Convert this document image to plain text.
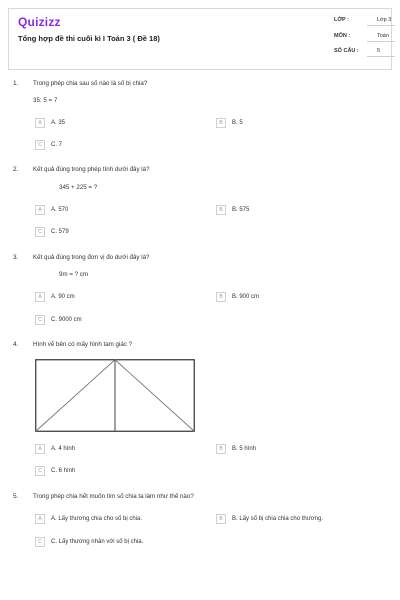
Quizizz
Tổng hợp đề thi cuối kì I Toán 3 ( Đề 18)
LỚP :	Lớp 3
MÔN :	Toán
SỐ CÂU :	5
1. Trong phép chia sau số nào là số bị chia?
35: 5 = 7
A	A. 35	B	B. 5
C	C. 7
2. Kết quả đúng trong phép tính dưới đây là?
345 + 225 = ?
A	A. 570	B	B. 575
C	C. 579
3. Kết quả đúng trong đơn vị đo dưới đây là?
9m = ? cm
A	A. 90 cm	B	B. 900 cm
C	C. 9000 cm
4. Hình vẽ bên có mấy hình tam giác ?
A	A. 4 hình	B	B. 5 hình
C	C. 6 hình
5. Trong phép chia hết muốn tìm số chia ta làm như thế nào?
A	A. Lấy thương chia cho số bị chia.	B	B. Lấy số bị chia chia cho thương.
C	C. Lấy thương nhân với số bị chia.
